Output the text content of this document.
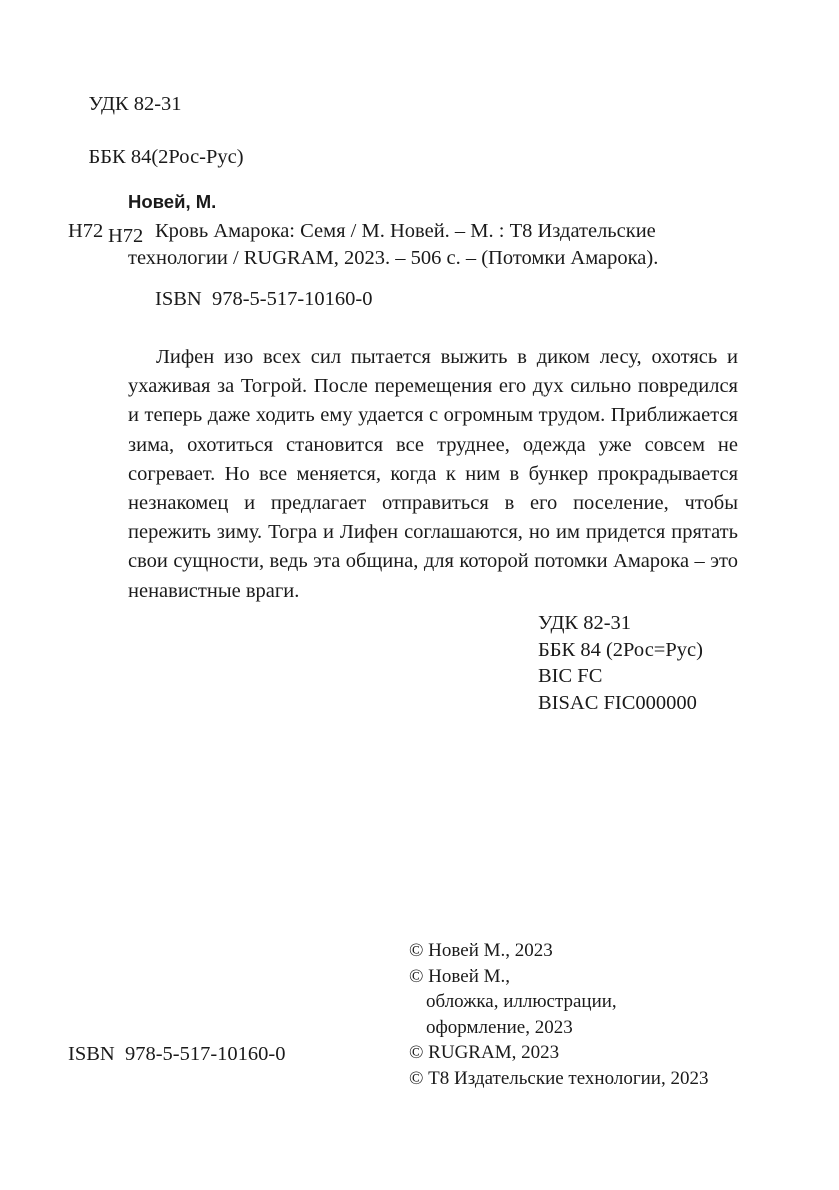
УДК 82-31

ББК 84(2Рос-Рус)

Н72

Новей, М.
Н72	Кровь Амарока: Семя / М. Новей. – М. : Т8 Издательские технологии / RUGRAM, 2023. – 506 с. – (Потомки Амарока).
ISBN  978-5-517-10160-0
Лифен изо всех сил пытается выжить в диком лесу, охотясь и ухаживая за Тогрой. После перемещения его дух сильно повредился и теперь даже ходить ему удается с огромным трудом. Приближается зима, охотиться становится все труднее, одежда уже совсем не согревает. Но все меняется, когда к ним в бункер прокрадывается незнакомец и предлагает отправиться в его поселение, чтобы пережить зиму. Тогра и Лифен соглашаются, но им придется прятать свои сущности, ведь эта община, для которой потомки Амарока – это ненавистные враги.
УДК 82-31
ББК 84 (2Рос=Рус)
BIC FC
BISAC FIC000000
© Новей М., 2023
© Новей М.,
обложка, иллюстрации,
оформление, 2023
© RUGRAM, 2023
© Т8 Издательские технологии, 2023
ISBN  978-5-517-10160-0
